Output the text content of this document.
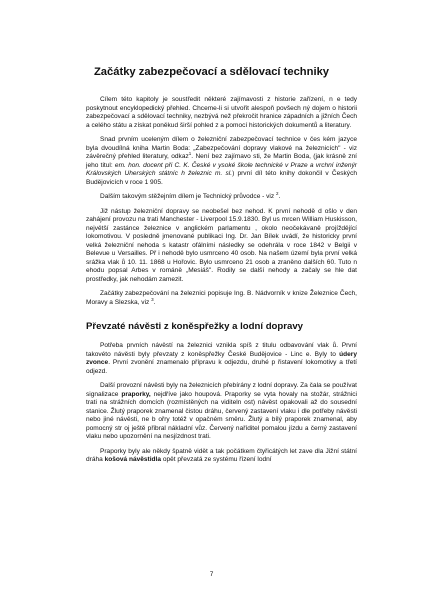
Začátky zabezpečovací a sdělovací techniky

Cílem této kapitoly je soustředit některé zajímavosti z historie zařízení, n e tedy poskytnout encyklopedický přehled. Chceme-li si utvořit alespoň povšech ný dojem o historii zabezpečovací a sdělovací techniky, nezbývá než překročit hranice západních a jižních Čech a celého státu a získat poněkud širší pohled z a pomocí historických dokumentů a literatury.

Snad prvním uceleným dílem o železniční zabezpečovací technice v čes kém jazyce byla dvoudílná kniha Martin Boda: „Zabezpečování dopravy vlakové na železnicích" - viz závěrečný přehled literatury, odkaz$^1$. Není bez zajímavo sti, že Martin Boda, (jak krásně zní jeho titul: em. hon. docent při C. K. České v ysoké škole technické v Praze a vrchní inženýr Královských Uherských státníc h železnic m. sl.) první díl této knihy dokončil v Českých Budějovicích v roce 1 905.

Dalším takovým stěžejním dílem je Technický průvodce - viz $^2$.

Již nástup železniční dopravy se neobešel bez nehod. K první nehodě d ošlo v den zahájení provozu na trati Manchester - Liverpool 15.9.1830. Byl us mrcen William Huskisson, největší zastánce železnice v anglickém parlamentu , okolo neočekávaně projíždějící lokomotivou. V posledně jmenované publikaci Ing. Dr. Jan Bílek uvádí, že historicky první velká železniční nehoda s katastr ofálními následky se odehrála v roce 1842 v Belgii v Belevue u Versailles. Př i nehodě bylo usmrceno 40 osob. Na našem území byla první velká srážka vlak ů 10. 11. 1868 u Hořovic. Bylo usmrceno 21 osob a zraněno dalších 60. Tuto n ehodu popsal Arbes v románě „Mesiáš". Rodily se další nehody a začaly se hle dat prostředky, jak nehodám zamezit.

Začátky zabezpečování na železnici popisuje Ing. B. Nádvorník v knize Železnice Čech, Moravy a Slezska, viz $^3$.

Převzaté návěsti z koněspřežky a lodní dopravy

Potřeba prvních návěstí na železnici vznikla spíš z titulu odbavování vlak ů. První takovéto návěsti byly převzaty z koněspřežky České Budějovice - Linc e. Byly to údery zvonce. První zvonění znamenalo přípravu k odjezdu, druhé p řistavení lokomotivy a třetí odjezd.

Další provozní návěsti byly na železnicích přebírány z lodní dopravy. Za čala se používat signalizace praporky, nejdříve jako houpová. Praporky se vyta hovaly na stožár, strážnici trati na strážních domcích (rozmístěných na viditeln ost) návěst opakovali až do sousední stanice. Žlutý praporek znamenal čistou dráhu, červený zastavení vlaku i dle potřeby návěsti nebo jiné návěsti, ne b ořry totéž v opačném směru. Žlutý a bílý praporek znamenal, aby pomocný str oj ještě přibral nákladní vůz. Červený naříditel pomalou jízdu a černý zastavení vlaku nebo upozornění na nesjízdnost trati.

Praporky byly ale někdy špatně vidět a tak počátkem čtyřicátých let zave dla Jižní státní dráha košová návěstidla opět převzatá ze systému řízení lodní

7
